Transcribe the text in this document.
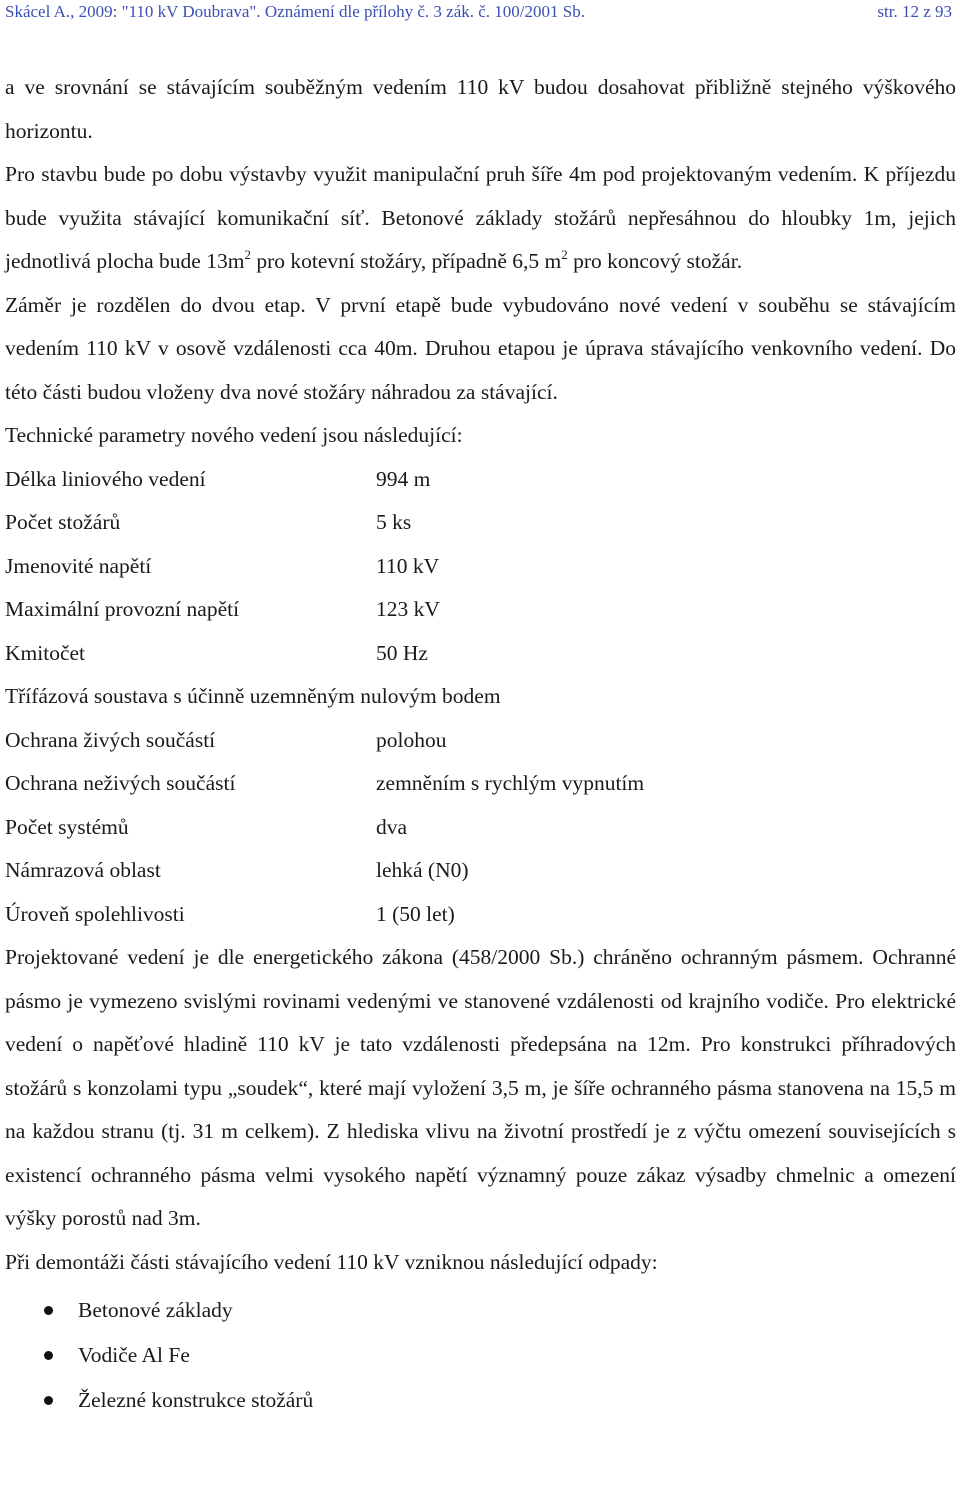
Skácel A., 2009: "110 kV Doubrava". Oznámení dle přílohy č. 3 zák. č. 100/2001 Sb.	str. 12 z 93

a ve srovnání se stávajícím souběžným vedením 110 kV budou dosahovat přibližně stejného výškového horizontu.

Pro stavbu bude po dobu výstavby využit manipulační pruh šíře 4m pod projektovaným vedením. K příjezdu bude využita stávající komunikační síť. Betonové základy stožárů nepřesáhnou do hloubky 1m, jejich jednotlivá plocha bude $13m^2$ pro kotevní stožáry, případně 6,5 $m^2$ pro koncový stožár.

Záměr je rozdělen do dvou etap. V první etapě bude vybudováno nové vedení v souběhu se stávajícím vedením 110 kV v osově vzdálenosti cca 40m. Druhou etapou je úprava stávajícího venkovního vedení. Do této části budou vloženy dva nové stožáry náhradou za stávající.

Technické parametry nového vedení jsou následující:

Délka liniového vedení	994 m
Počet stožárů	5 ks
Jmenovité napětí	110 kV
Maximální provozní napětí	123 kV
Kmitočet	50 Hz
Třífázová soustava s účinně uzemněným nulovým bodem
Ochrana živých součástí	polohou
Ochrana neživých součástí	zemněním s rychlým vypnutím
Počet systémů	dva
Námrazová oblast	lehká (N0)
Úroveň spolehlivosti	1 (50 let)

Projektované vedení je dle energetického zákona (458/2000 Sb.) chráněno ochranným pásmem. Ochranné pásmo je vymezeno svislými rovinami vedenými ve stanovené vzdálenosti od krajního vodiče. Pro elektrické vedení o napěťové hladině 110 kV je tato vzdálenosti předepsána na 12m. Pro konstrukci příhradových stožárů s konzolami typu „soudek“, které mají vyložení 3,5 m, je šíře ochranného pásma stanovena na 15,5 m na každou stranu (tj. 31 m celkem). Z hlediska vlivu na životní prostředí je z výčtu omezení souvisejících s existencí ochranného pásma velmi vysokého napětí významný pouze zákaz výsadby chmelnic a omezení výšky porostů nad 3m.

Při demontáži části stávajícího vedení 110 kV vzniknou následující odpady:

Betonové základy
Vodiče Al Fe
Železné konstrukce stožárů
